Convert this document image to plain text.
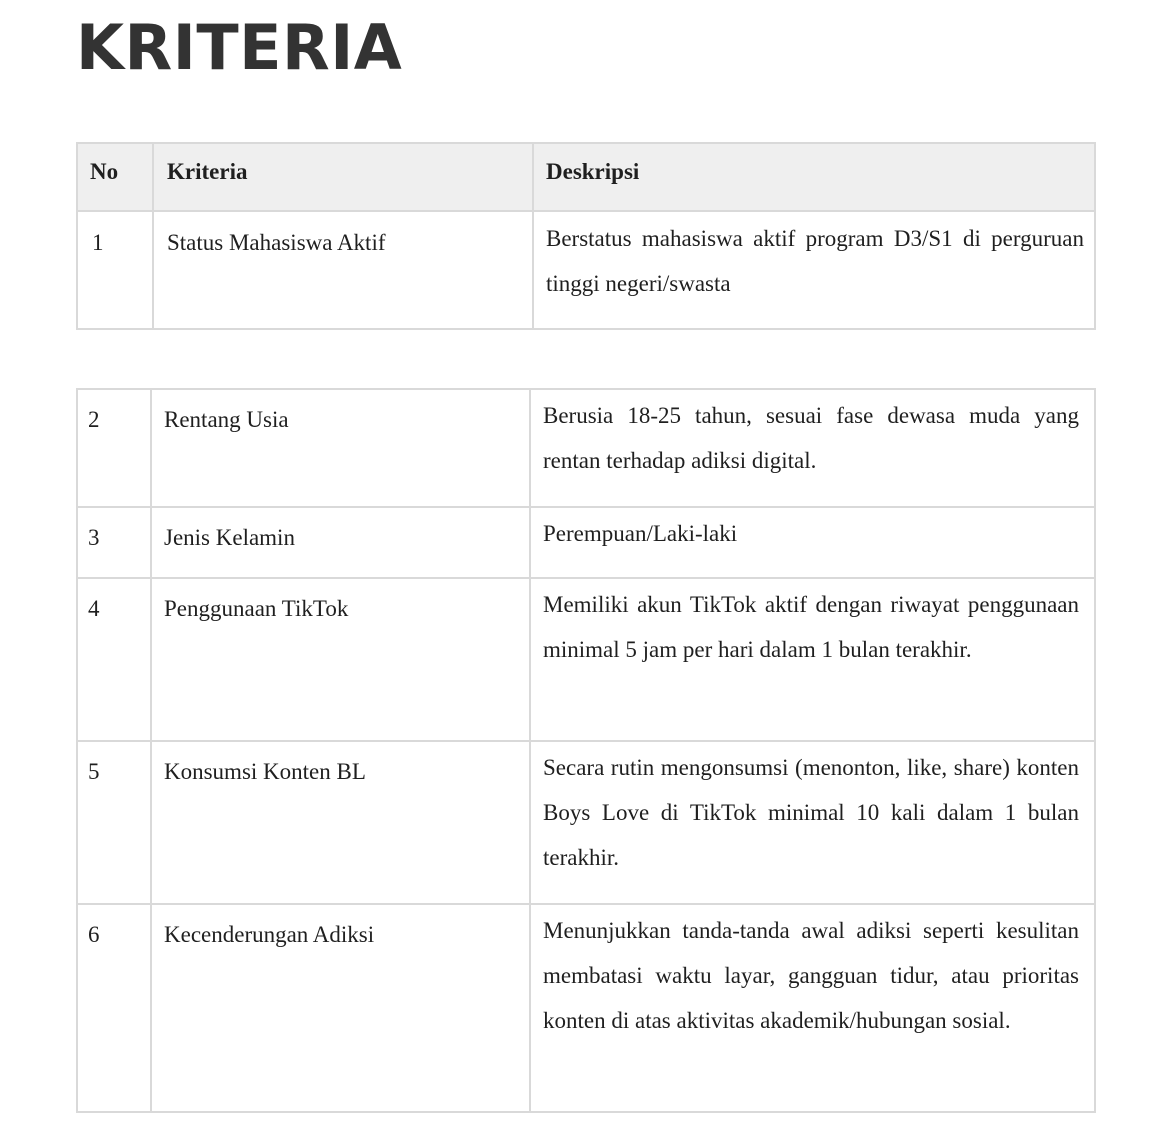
KRITERIA
No	Kriteria	Deskripsi

1	Status Mahasiswa Aktif	Berstatus mahasiswa aktif program D3/S1 di perguruan tinggi negeri/swasta
2	Rentang Usia	Berusia 18-25 tahun, sesuai fase dewasa muda yang rentan terhadap adiksi digital.

3	Jenis Kelamin	Perempuan/Laki-laki

4	Penggunaan TikTok	Memiliki akun TikTok aktif dengan riwayat penggunaan minimal 5 jam per hari dalam 1 bulan terakhir.

5	Konsumsi Konten BL	Secara rutin mengonsumsi (menonton, like, share) konten Boys Love di TikTok minimal 10 kali dalam 1 bulan terakhir.

6	Kecenderungan Adiksi	Menunjukkan tanda-tanda awal adiksi seperti kesulitan membatasi waktu layar, gangguan tidur, atau prioritas konten di atas aktivitas akademik/hubungan sosial.
